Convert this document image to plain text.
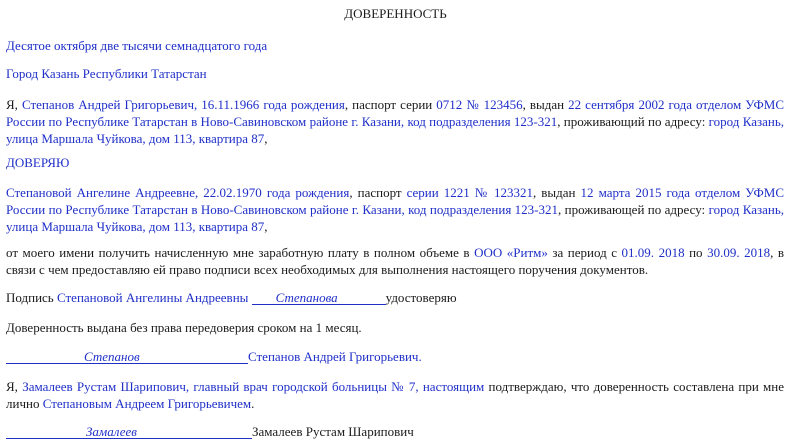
ДОВЕРЕННОСТЬ
Десятое октября две тысячи семнадцатого года
Город Казань Республики Татарстан
Я, Степанов Андрей Григорьевич, 16.11.1966 года рождения, паспорт серии 0712 № 123456, выдан 22 сентября 2002 года отделом УФМС России по Республике Татарстан в Ново-Савиновском районе г. Казани, код подразделения 123-321, проживающий по адресу: город Казань, улица Маршала Чуйкова, дом 113, квартира 87,
ДОВЕРЯЮ
Степановой Ангелине Андреевне, 22.02.1970 года рождения, паспорт серии 1221 № 123321, выдан 12 марта 2015 года отделом УФМС России по Республике Татарстан в Ново-Савиновском районе г. Казани, код подразделения 123-321, проживающей по адресу: город Казань, улица Маршала Чуйкова, дом 113, квартира 87,
от моего имени получить начисленную мне заработную плату в полном объеме в ООО «Ритм» за период с 01.09. 2018 по 30.09. 2018, в связи с чем предоставляю ей право подписи всех необходимых для выполнения настоящего поручения документов.
Подпись Степановой Ангелины Андреевны Степанова	удостоверяю
Доверенность выдана без права передоверия сроком на 1 месяц.
Степанов	Степанов Андрей Григорьевич.
Я, Замалеев Рустам Шарипович, главный врач городской больницы № 7, настоящим подтверждаю, что доверенность составлена при мне лично Степановым Андреем Григорьевичем.
Замалеев	Замалеев Рустам Шарипович
